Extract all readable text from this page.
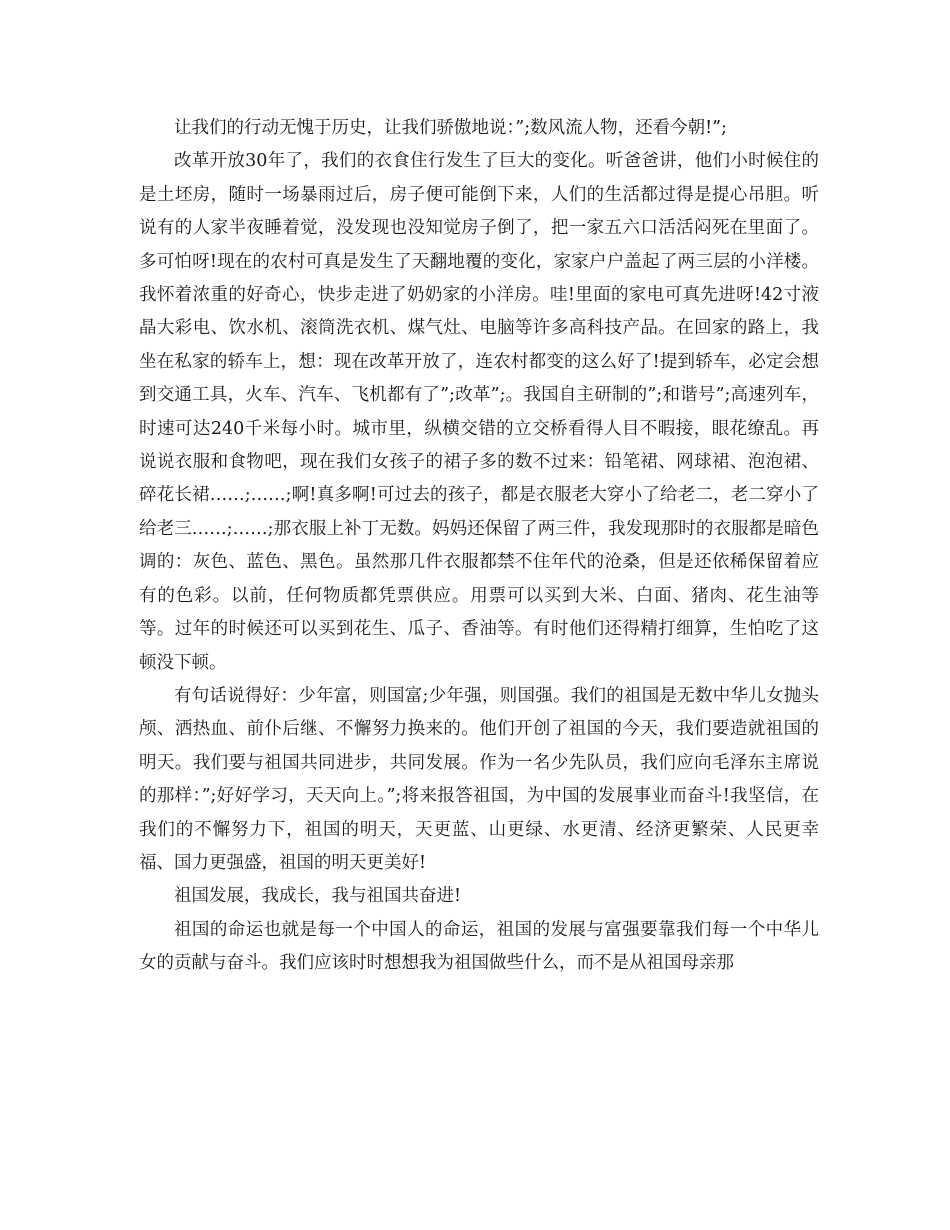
让我们的行动无愧于历史，让我们骄傲地说：”;数风流人物，还看今朝!”;

改革开放30年了，我们的衣食住行发生了巨大的变化。听爸爸讲，他们小时候住的是土坯房，随时一场暴雨过后，房子便可能倒下来，人们的生活都过得是提心吊胆。听说有的人家半夜睡着觉，没发现也没知觉房子倒了，把一家五六口活活闷死在里面了。多可怕呀!现在的农村可真是发生了天翻地覆的变化，家家户户盖起了两三层的小洋楼。我怀着浓重的好奇心，快步走进了奶奶家的小洋房。哇!里面的家电可真先进呀!42寸液晶大彩电、饮水机、滚筒洗衣机、煤气灶、电脑等许多高科技产品。在回家的路上，我坐在私家的轿车上，想：现在改革开放了，连农村都变的这么好了!提到轿车，必定会想到交通工具，火车、汽车、飞机都有了”;改革”;。我国自主研制的”;和谐号”;高速列车，时速可达240千米每小时。城市里，纵横交错的立交桥看得人目不暇接，眼花缭乱。再说说衣服和食物吧，现在我们女孩子的裙子多的数不过来：铅笔裙、网球裙、泡泡裙、碎花长裙……;……;啊!真多啊!可过去的孩子，都是衣服老大穿小了给老二，老二穿小了给老三……;……;那衣服上补丁无数。妈妈还保留了两三件，我发现那时的衣服都是暗色调的：灰色、蓝色、黑色。虽然那几件衣服都禁不住年代的沧桑，但是还依稀保留着应有的色彩。以前，任何物质都凭票供应。用票可以买到大米、白面、猪肉、花生油等等。过年的时候还可以买到花生、瓜子、香油等。有时他们还得精打细算，生怕吃了这顿没下顿。

有句话说得好：少年富，则国富;少年强，则国强。我们的祖国是无数中华儿女抛头颅、洒热血、前仆后继、不懈努力换来的。他们开创了祖国的今天，我们要造就祖国的明天。我们要与祖国共同进步，共同发展。作为一名少先队员，我们应向毛泽东主席说的那样：”;好好学习，天天向上。”;将来报答祖国，为中国的发展事业而奋斗!我坚信，在我们的不懈努力下，祖国的明天，天更蓝、山更绿、水更清、经济更繁荣、人民更幸福、国力更强盛，祖国的明天更美好!

祖国发展，我成长，我与祖国共奋进!

祖国的命运也就是每一个中国人的命运，祖国的发展与富强要靠我们每一个中华儿女的贡献与奋斗。我们应该时时想想我为祖国做些什么，而不是从祖国母亲那
